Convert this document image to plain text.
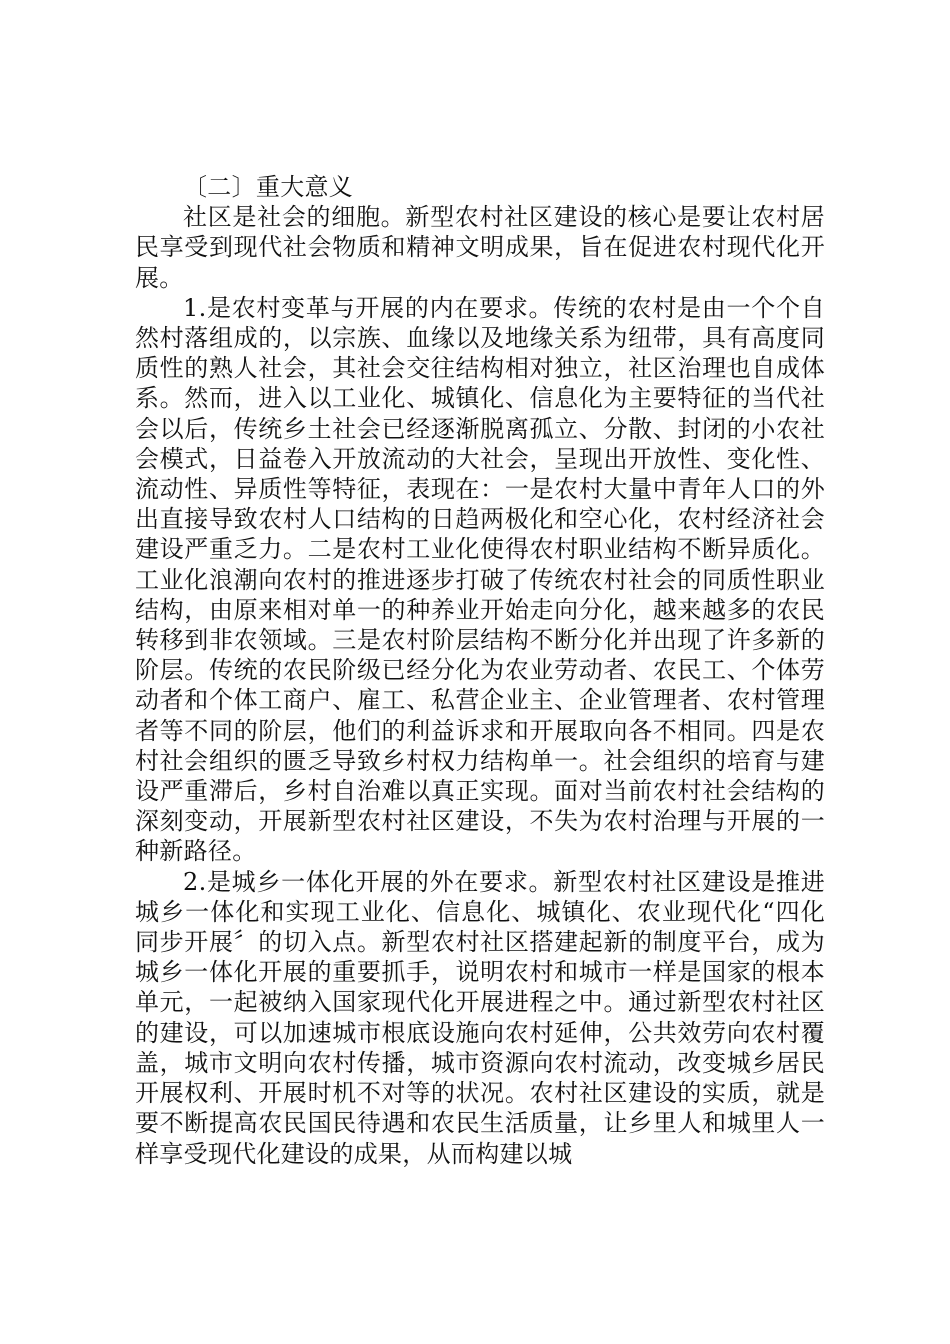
〔二〕重大意义

社区是社会的细胞。新型农村社区建设的核心是要让农村居民享受到现代社会物质和精神文明成果，旨在促进农村现代化开展。

1.是农村变革与开展的内在要求。传统的农村是由一个个自然村落组成的，以宗族、血缘以及地缘关系为纽带，具有高度同质性的熟人社会，其社会交往结构相对独立，社区治理也自成体系。然而，进入以工业化、城镇化、信息化为主要特征的当代社会以后，传统乡土社会已经逐渐脱离孤立、分散、封闭的小农社会模式，日益卷入开放流动的大社会，呈现出开放性、变化性、流动性、异质性等特征，表现在：一是农村大量中青年人口的外出直接导致农村人口结构的日趋两极化和空心化，农村经济社会建设严重乏力。二是农村工业化使得农村职业结构不断异质化。工业化浪潮向农村的推进逐步打破了传统农村社会的同质性职业结构，由原来相对单一的种养业开始走向分化，越来越多的农民转移到非农领域。三是农村阶层结构不断分化并出现了许多新的阶层。传统的农民阶级已经分化为农业劳动者、农民工、个体劳动者和个体工商户、雇工、私营企业主、企业管理者、农村管理者等不同的阶层，他们的利益诉求和开展取向各不相同。四是农村社会组织的匮乏导致乡村权力结构单一。社会组织的培育与建设严重滞后，乡村自治难以真正实现。面对当前农村社会结构的深刻变动，开展新型农村社区建设，不失为农村治理与开展的一种新路径。

2.是城乡一体化开展的外在要求。新型农村社区建设是推进城乡一体化和实现工业化、信息化、城镇化、农业现代化“四化同步开展〞的切入点。新型农村社区搭建起新的制度平台，成为城乡一体化开展的重要抓手，说明农村和城市一样是国家的根本单元，一起被纳入国家现代化开展进程之中。通过新型农村社区的建设，可以加速城市根底设施向农村延伸，公共效劳向农村覆盖，城市文明向农村传播，城市资源向农村流动，改变城乡居民开展权利、开展时机不对等的状况。农村社区建设的实质，就是要不断提高农民国民待遇和农民生活质量，让乡里人和城里人一样享受现代化建设的成果，从而构建以城
